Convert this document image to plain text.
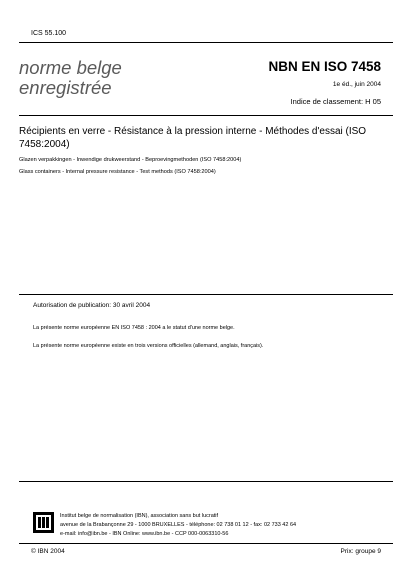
ICS 55.100
norme belge
enregistrée
NBN EN ISO 7458
1e éd., juin 2004
Indice de classement: H 05
Récipients en verre - Résistance à la pression interne - Méthodes d'essai (ISO 7458:2004)
Glazen verpakkingen - Inwendige drukweerstand - Beproevingmethoden (ISO 7458:2004)
Glass containers - Internal pressure resistance - Test methods (ISO 7458:2004)
Autorisation de publication: 30 avril 2004
La présente norme européenne EN ISO 7458 : 2004 a le statut d'une norme belge.
La présente norme européenne existe en trois versions officielles (allemand, anglais, français).
Institut belge de normalisation (IBN), association sans but lucratif
avenue de la Brabançonne 29 - 1000 BRUXELLES - téléphone: 02 738 01 12 - fax: 02 733 42 64
e-mail: info@ibn.be - IBN Online: www.ibn.be - CCP 000-0063310-56
© IBN 2004	Prix: groupe 9
